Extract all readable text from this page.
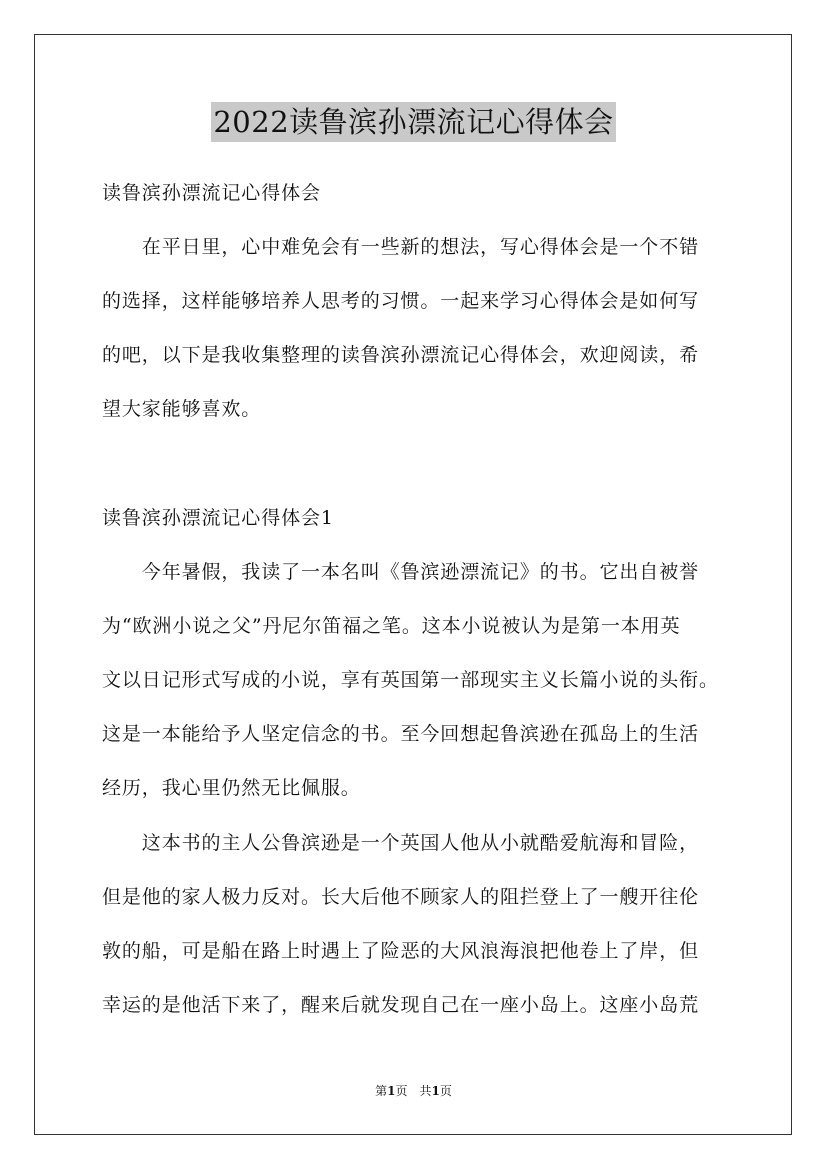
2022读鲁滨孙漂流记心得体会
读鲁滨孙漂流记心得体会
　　在平日里，心中难免会有一些新的想法，写心得体会是一个不错
的选择，这样能够培养人思考的习惯。一起来学习心得体会是如何写
的吧，以下是我收集整理的读鲁滨孙漂流记心得体会，欢迎阅读，希
望大家能够喜欢。
读鲁滨孙漂流记心得体会1
　　今年暑假，我读了一本名叫《鲁滨逊漂流记》的书。它出自被誉
为“欧洲小说之父”丹尼尔笛福之笔。这本小说被认为是第一本用英
文以日记形式写成的小说，享有英国第一部现实主义长篇小说的头衔。
这是一本能给予人坚定信念的书。至今回想起鲁滨逊在孤岛上的生活
经历，我心里仍然无比佩服。
　　这本书的主人公鲁滨逊是一个英国人他从小就酷爱航海和冒险，
但是他的家人极力反对。长大后他不顾家人的阻拦登上了一艘开往伦
敦的船，可是船在路上时遇上了险恶的大风浪海浪把他卷上了岸，但
幸运的是他活下来了，醒来后就发现自己在一座小岛上。这座小岛荒
第1页　共1页
